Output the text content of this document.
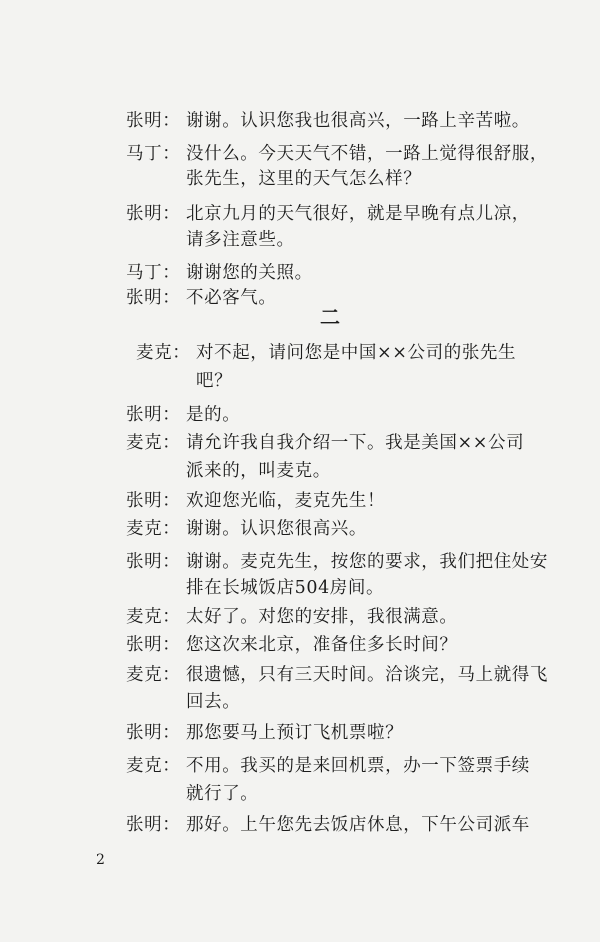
张明： 谢谢。认识您我也很高兴，一路上辛苦啦。
马丁： 没什么。今天天气不错，一路上觉得很舒服，
张先生，这里的天气怎么样？
张明： 北京九月的天气很好，就是早晚有点儿凉，
请多注意些。
马丁： 谢谢您的关照。
张明： 不必客气。
二
麦克： 对不起，请问您是中国××公司的张先生
吧？
张明： 是的。
麦克： 请允许我自我介绍一下。我是美国××公司
派来的，叫麦克。
张明： 欢迎您光临，麦克先生！
麦克： 谢谢。认识您很高兴。
张明： 谢谢。麦克先生，按您的要求，我们把住处安
排在长城饭店504房间。
麦克： 太好了。对您的安排，我很满意。
张明： 您这次来北京，准备住多长时间？
麦克： 很遗憾，只有三天时间。洽谈完，马上就得飞
回去。
张明： 那您要马上预订飞机票啦？
麦克： 不用。我买的是来回机票，办一下签票手续
就行了。
张明： 那好。上午您先去饭店休息，下午公司派车
2
